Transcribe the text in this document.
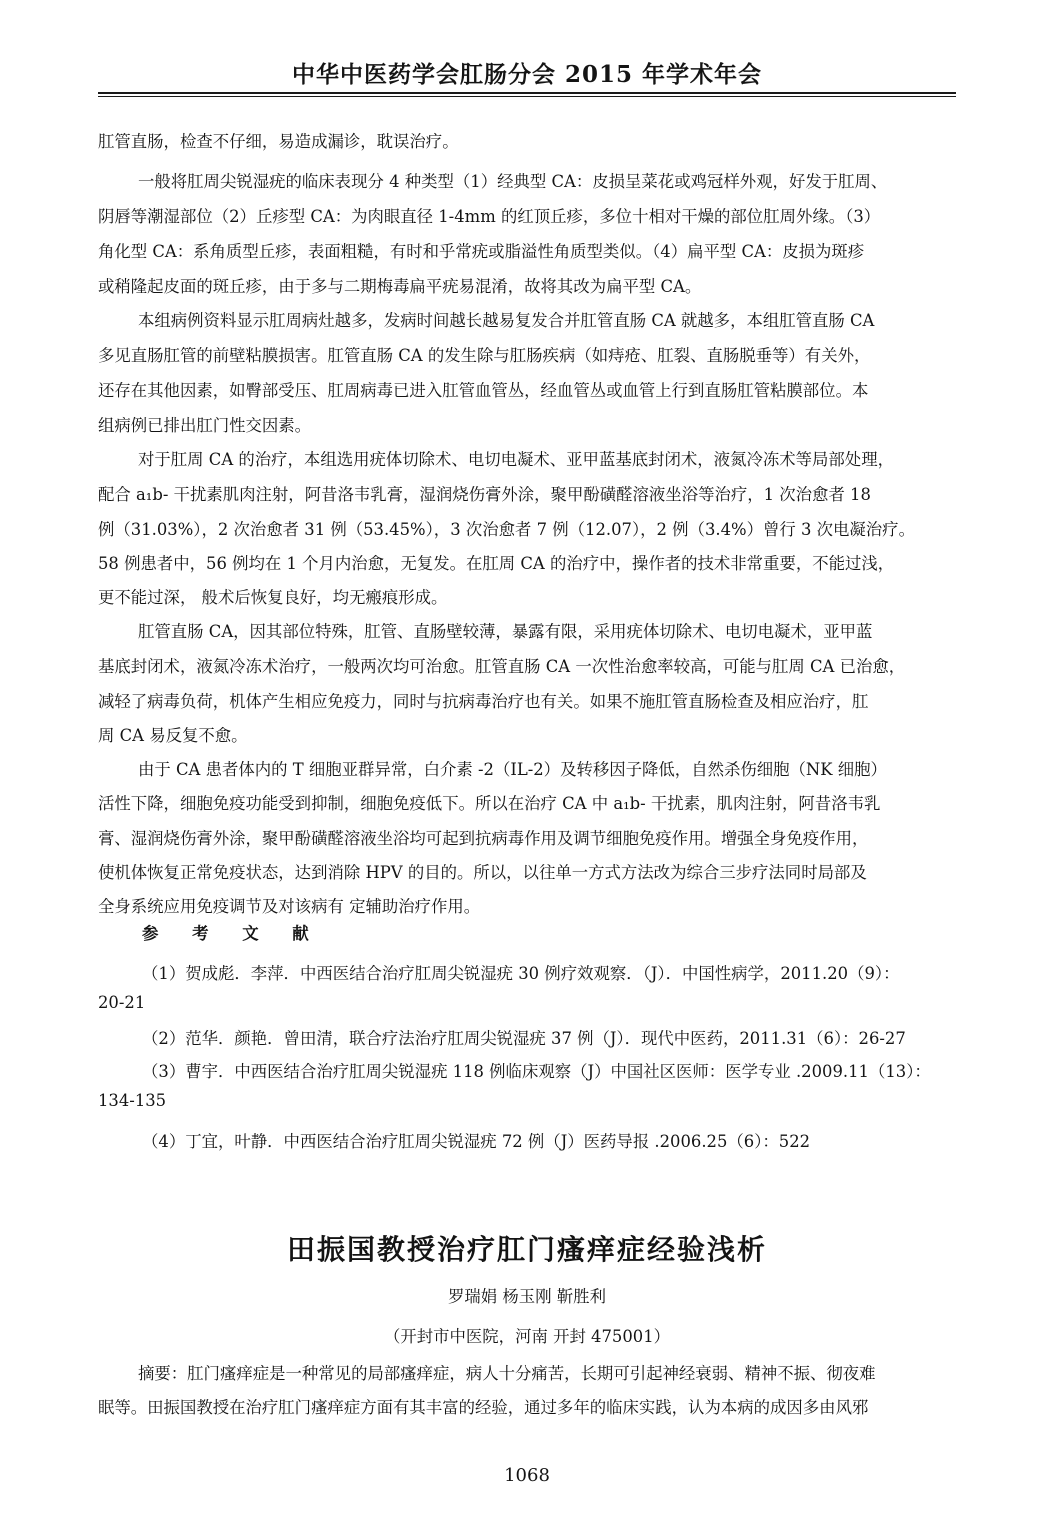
中华中医药学会肛肠分会 2015 年学术年会
肛管直肠，检查不仔细，易造成漏诊，耽误治疗。
一般将肛周尖锐湿疣的临床表现分 4 种类型（1）经典型 CA：皮损呈菜花或鸡冠样外观，好发于肛周、
阴唇等潮湿部位（2）丘疹型 CA：为肉眼直径 1-4mm 的红顶丘疹，多位十相对干燥的部位肛周外缘。（3）
角化型 CA：系角质型丘疹，表面粗糙，有时和乎常疣或脂溢性角质型类似。（4）扁平型 CA：皮损为斑疹
或稍隆起皮面的斑丘疹，由于多与二期梅毒扁平疣易混淆，故将其改为扁平型 CA。
本组病例资料显示肛周病灶越多，发病时间越长越易复发合并肛管直肠 CA 就越多，本组肛管直肠 CA
多见直肠肛管的前壁粘膜损害。肛管直肠 CA 的发生除与肛肠疾病（如痔疮、肛裂、直肠脱垂等）有关外，
还存在其他因素，如臀部受压、肛周病毒已进入肛管血管丛，经血管丛或血管上行到直肠肛管粘膜部位。本
组病例已排出肛门性交因素。
对于肛周 CA 的治疗，本组选用疣体切除术、电切电凝术、亚甲蓝基底封闭术，液氮冷冻术等局部处理，
配合 a₁b- 干扰素肌肉注射，阿昔洛韦乳膏，湿润烧伤膏外涂，聚甲酚磺醛溶液坐浴等治疗，1 次治愈者 18
例（31.03%），2 次治愈者 31 例（53.45%），3 次治愈者 7 例（12.07），2 例（3.4%）曾行 3 次电凝治疗。
58 例患者中，56 例均在 1 个月内治愈，无复发。在肛周 CA 的治疗中，操作者的技术非常重要，不能过浅，
更不能过深， 般术后恢复良好，均无瘢痕形成。
肛管直肠 CA，因其部位特殊，肛管、直肠壁较薄，暴露有限，采用疣体切除术、电切电凝术，亚甲蓝
基底封闭术，液氮冷冻术治疗，一般两次均可治愈。肛管直肠 CA 一次性治愈率较高，可能与肛周 CA 已治愈，
减轻了病毒负荷，机体产生相应免疫力，同时与抗病毒治疗也有关。如果不施肛管直肠检查及相应治疗，肛
周 CA 易反复不愈。
由于 CA 患者体内的 T 细胞亚群异常，白介素 -2（IL-2）及转移因子降低，自然杀伤细胞（NK 细胞）
活性下降，细胞免疫功能受到抑制，细胞免疫低下。所以在治疗 CA 中 a₁b- 干扰素，肌肉注射，阿昔洛韦乳
膏、湿润烧伤膏外涂，聚甲酚磺醛溶液坐浴均可起到抗病毒作用及调节细胞免疫作用。增强全身免疫作用，
使机体恢复正常免疫状态，达到消除 HPV 的目的。所以，以往单一方式方法改为综合三步疗法同时局部及
全身系统应用免疫调节及对该病有 定辅助治疗作用。
参 考 文 献
（1）贺成彪．李萍．中西医结合治疗肛周尖锐湿疣 30 例疗效观察．（J）．中国性病学，2011.20（9）：
20-21
（2）范华．颜艳．曾田清，联合疗法治疗肛周尖锐湿疣 37 例（J）．现代中医药，2011.31（6）：26-27
（3）曹宇．中西医结合治疗肛周尖锐湿疣 118 例临床观察（J）中国社区医师：医学专业 .2009.11（13）：
134-135
（4）丁宜，叶静．中西医结合治疗肛周尖锐湿疣 72 例（J）医药导报 .2006.25（6）：522
田振国教授治疗肛门瘙痒症经验浅析
罗瑞娟 杨玉刚 靳胜利
（开封市中医院，河南 开封 475001）
摘要：肛门瘙痒症是一种常见的局部瘙痒症，病人十分痛苦，长期可引起神经衰弱、精神不振、彻夜难
眠等。田振国教授在治疗肛门瘙痒症方面有其丰富的经验，通过多年的临床实践，认为本病的成因多由风邪
1068
